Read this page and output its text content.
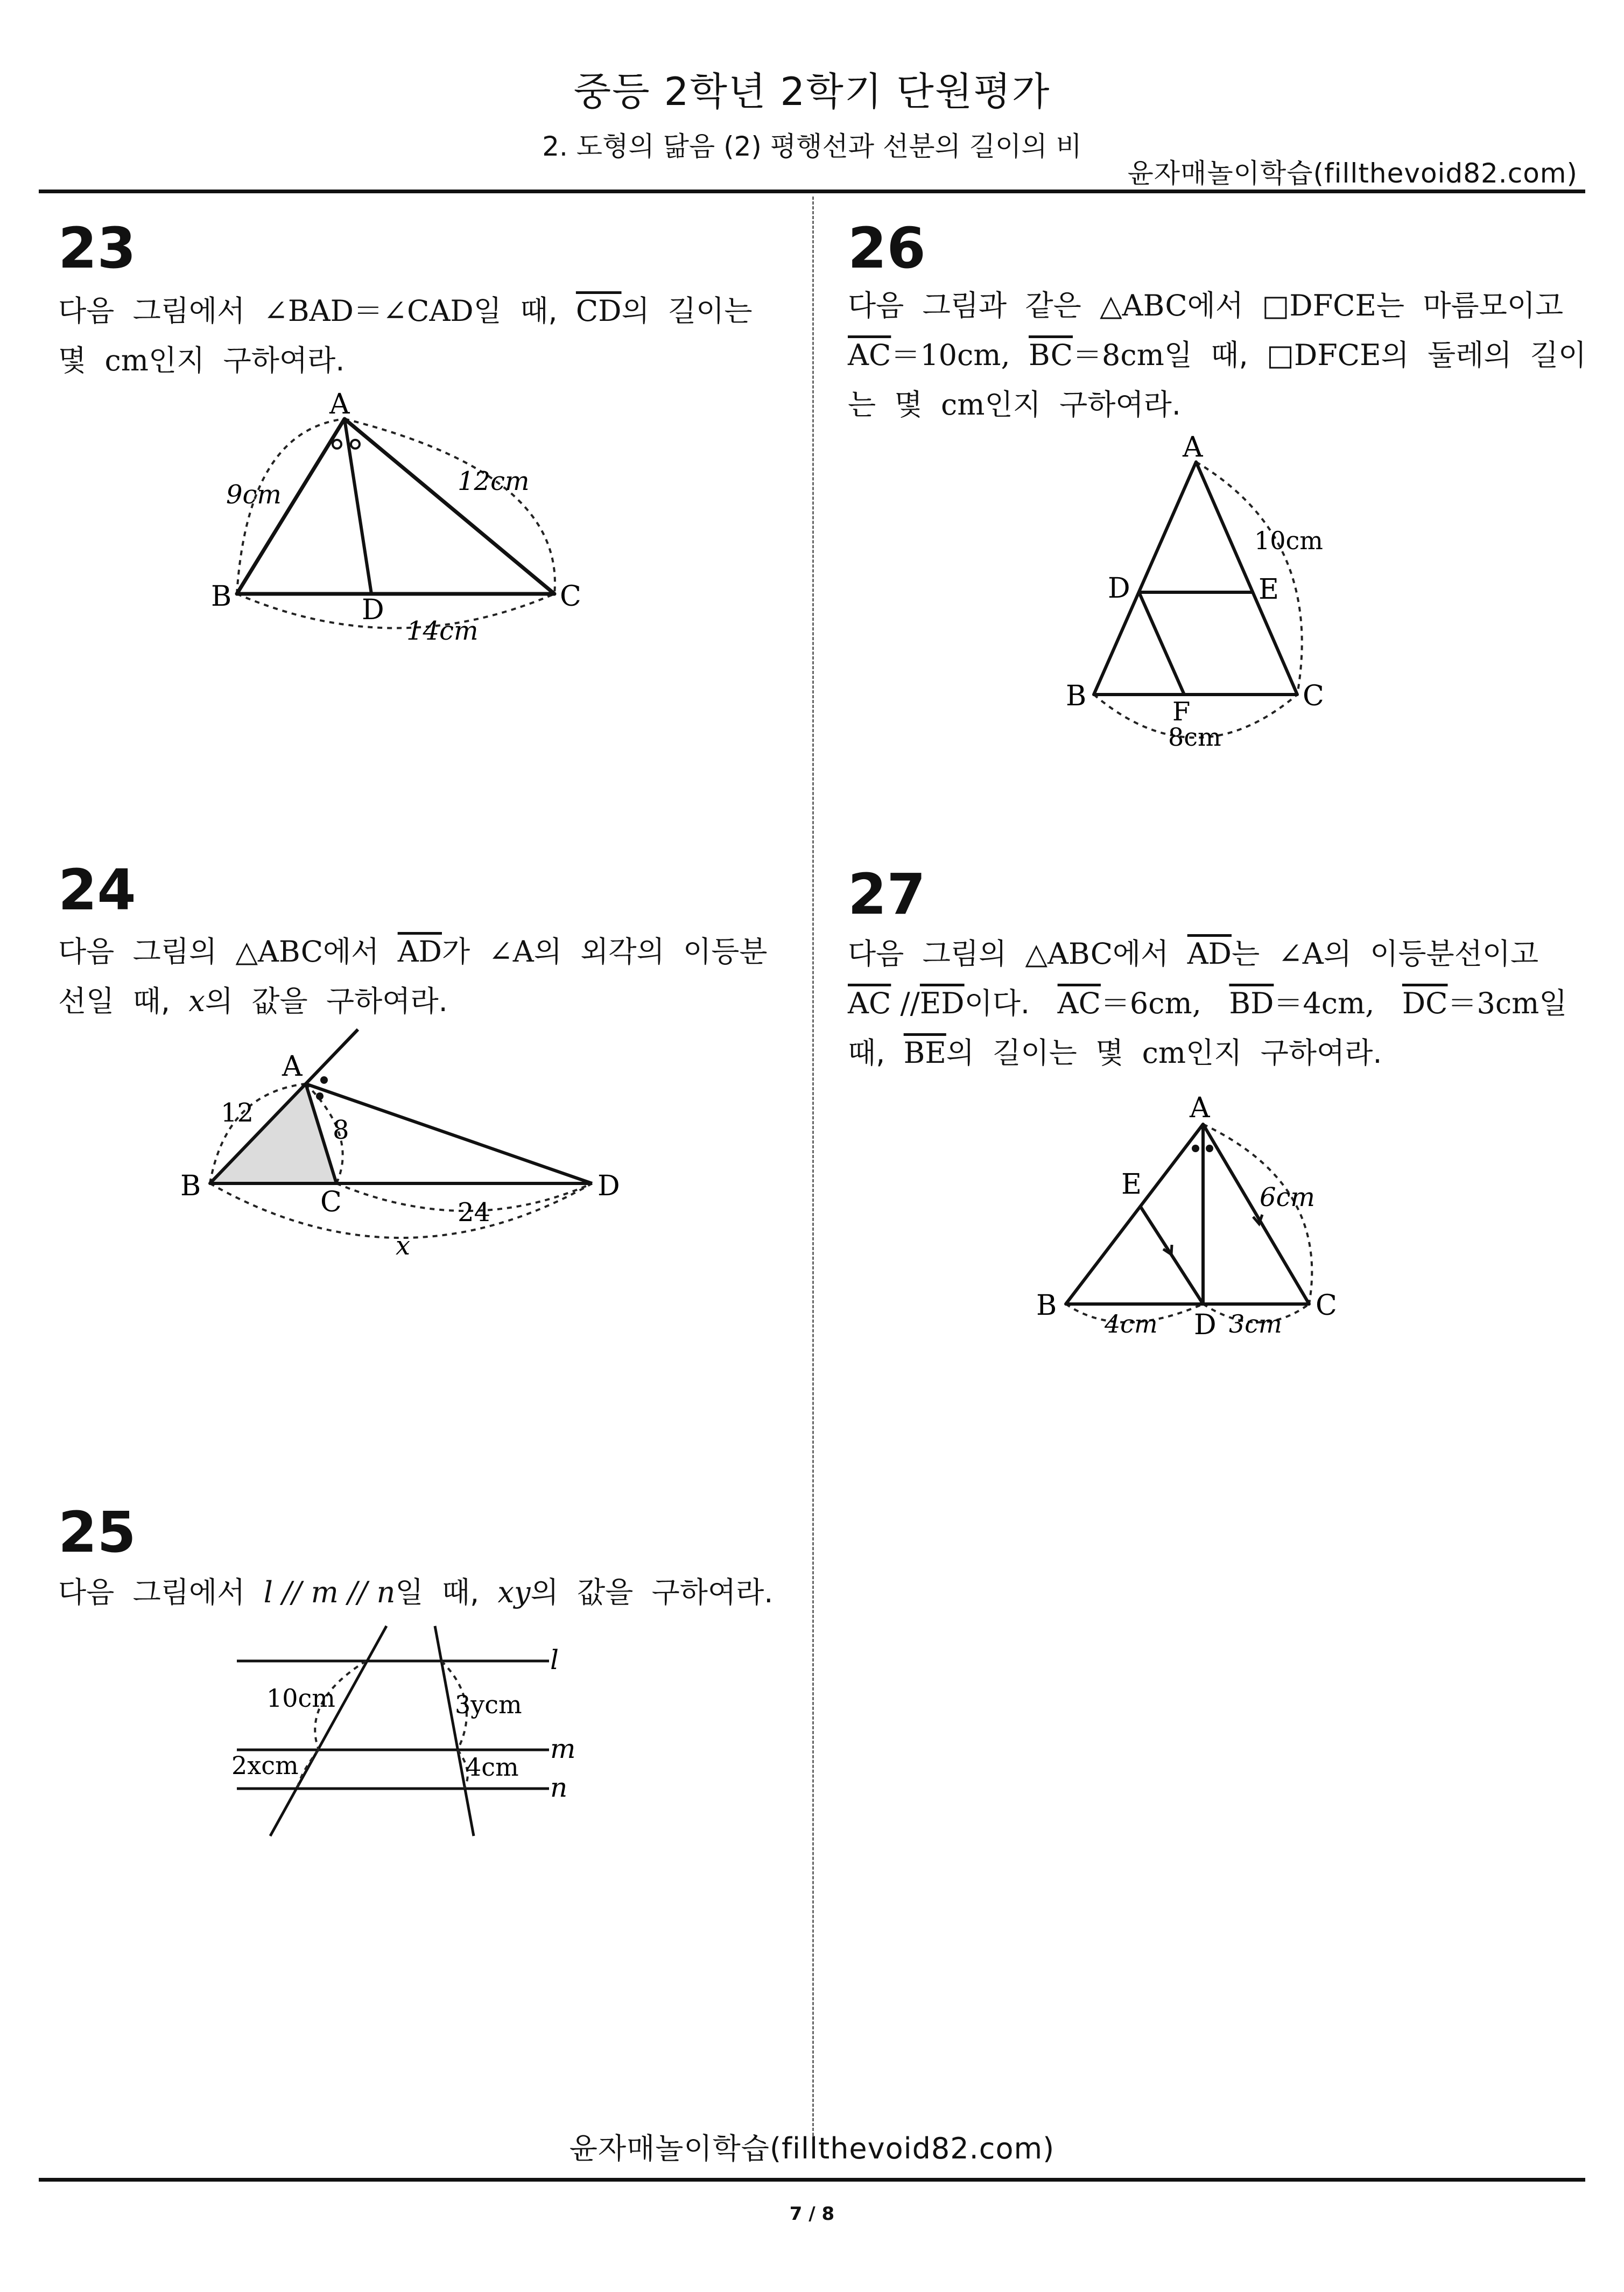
중등 2학년 2학기 단원평가
2. 도형의 닮음 (2) 평행선과 선분의 길이의 비
윤자매놀이학습(fillthevoid82.com)
23
다음  그림에서  ∠BAD＝∠CAD일  때,  $\overline{CD}$의  길이는
몇  cm인지  구하여라.
A
B	C
D
9cm	12cm
14cm
24
다음  그림의  △ABC에서  $\overline{AD}$가  ∠A의  외각의  이등분
선일  때,  x의  값을  구하여라.
A
B	C	D
12
8
24
x
25
다음  그림에서  l // m // n일  때,  xy의  값을  구하여라.
l
m
n
10cm
2xcm
3ycm
4cm
26
다음  그림과  같은  △ABC에서  □DFCE는  마름모이고
$\overline{AC}=10cm$,  $\overline{BC}=8cm$일  때,  □DFCE의  둘레의  길이
는  몇  cm인지  구하여라.
A
B	C
D	E
F
10cm
8cm
27
다음  그림의  △ABC에서  $\overline{AD}$는  ∠A의  이등분선이고
$\overline{AC}$ $//\overline{ED}$이다.   $\overline{AC}=6cm$,   $\overline{BD}=4cm$,   $\overline{DC}=3cm$일
때,  $\overline{BE}$의  길이는  몇  cm인지  구하여라.
A
B	C
D
E	6cm
4cm	3cm
윤자매놀이학습(fillthevoid82.com)
7 / 8
